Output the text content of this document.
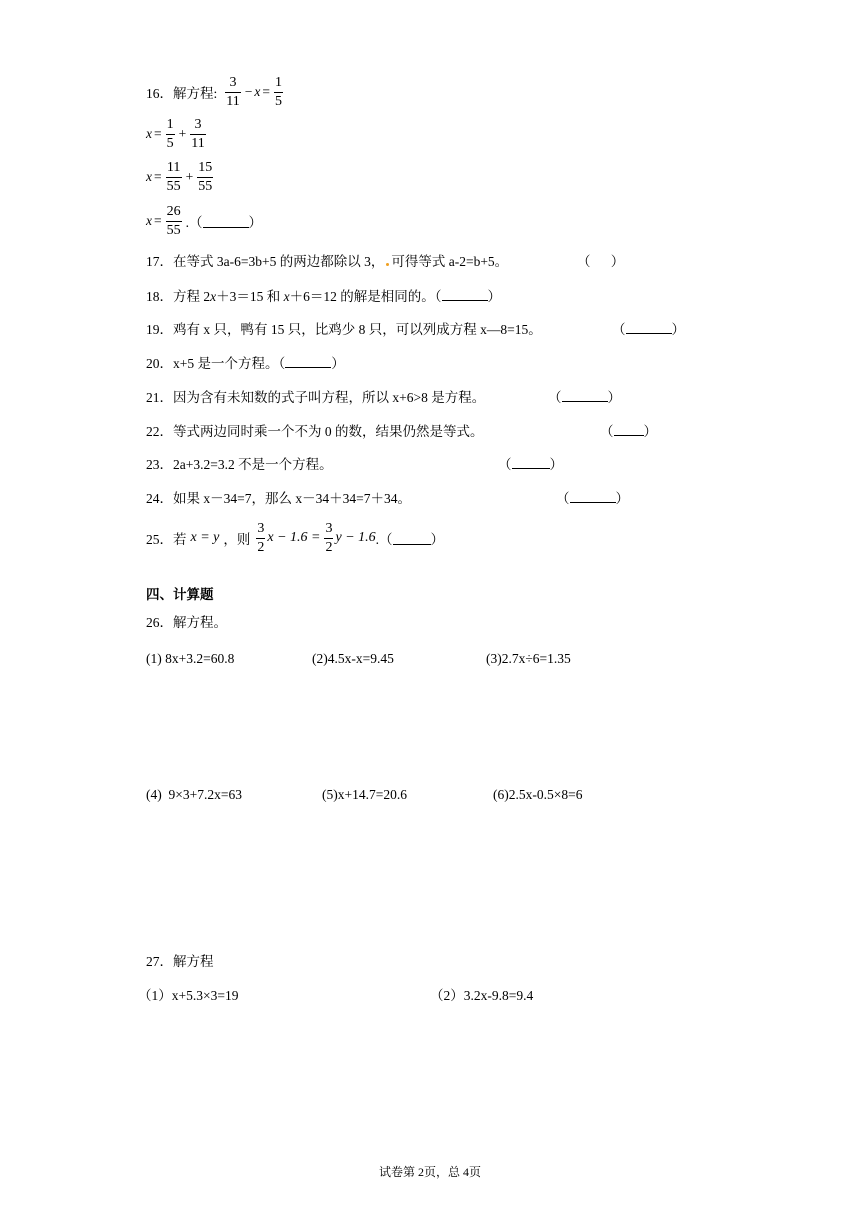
16． 解方程: $\frac{3}{11} - x = \frac{1}{5}$
$x = \frac{1}{5} + \frac{3}{11}$
$x = \frac{11}{55} + \frac{15}{55}$
$x = \frac{26}{55}$ .（	）
17．在等式 3a-6=3b+5 的两边都除以 3， 可得等式 a-2=b+5。	（      ）
18．方程 2x＋3＝15 和 x＋6＝12 的解是相同的。（	）
19．鸡有 x 只，鸭有 15 只，比鸡少 8 只，可以列成方程 x—8=15。	（	）
20．x+5 是一个方程。（	）
21．因为含有未知数的式子叫方程，所以 x+6>8 是方程。	（	）
22．等式两边同时乘一个不为 0 的数，结果仍然是等式。	（ ）
23．2a+3.2=3.2 不是一个方程。	（	）
24．如果 x－34=7，那么 x－34＋34=7＋34。	（	）
25． 若 x = y ，则 $\frac{3}{2}$ $x - 1.6 = \frac{3}{2}$ y − 1.6 .（	）
四、计算题
26．解方程。
(1) 8x+3.2=60.8	(2)4.5x-x=9.45	(3)2.7x÷6=1.35
(4)  9×3+7.2x=63	(5)x+14.7=20.6	(6)2.5x-0.5×8=6
27．解方程
（1）x+5.3×3=19	（2）3.2x-9.8=9.4
试卷第 2页，总 4页
